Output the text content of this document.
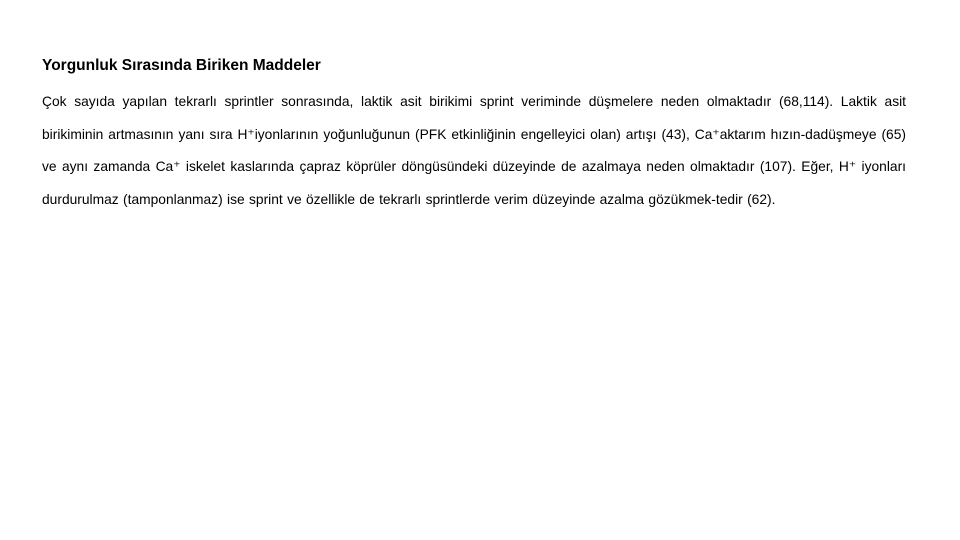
Yorgunluk Sırasında Biriken Maddeler
Çok sayıda yapılan tekrarlı sprintler sonrasında, laktik asit birikimi sprint veriminde düşmelere neden olmaktadır (68,114). Laktik asit birikiminin artmasının yanı sıra H⁺iyonlarının yoğunluğunun (PFK etkinliğinin engelleyici olan) artışı (43), Ca⁺aktarım hızın-dadüşmeye (65) ve aynı zamanda Ca⁺ iskelet kaslarında çapraz köprüler döngüsündeki düzeyinde de azalmaya neden olmaktadır (107). Eğer, H⁺ iyonları durdurulmaz (tamponlanmaz) ise sprint ve özellikle de tekrarlı sprintlerde verim düzeyinde azalma gözükmek-tedir (62).
